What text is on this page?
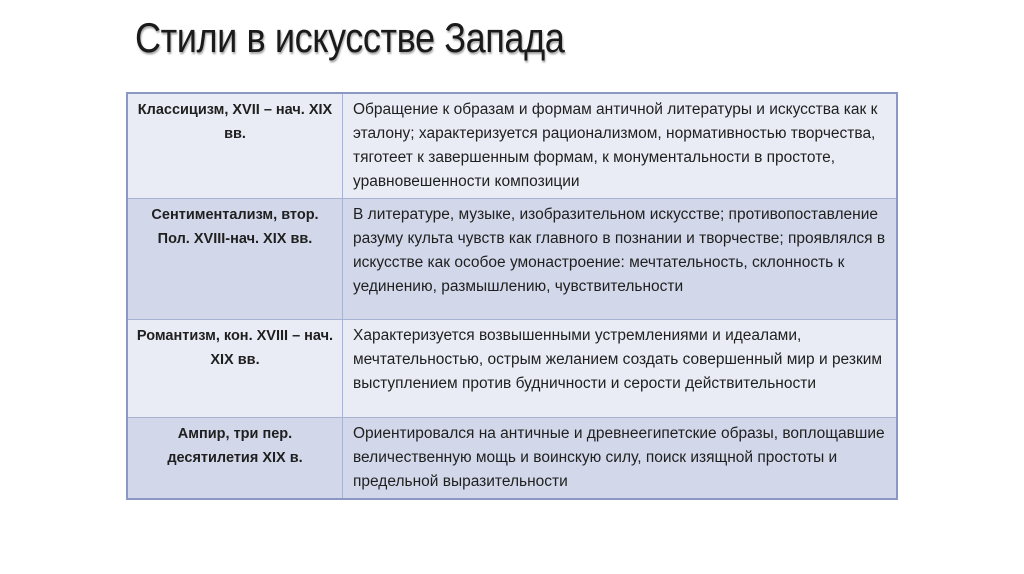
Стили в искусстве Запада
Классицизм, XVII – нач. XIX вв.	Обращение к образам и формам античной литературы и искусства как к эталону; характеризуется рационализмом, нормативностью творчества, тяготеет к завершенным формам, к монументальности в простоте, уравновешенности композиции
Сентиментализм, втор. Пол. XVIII-нач. XIX вв.	В литературе, музыке, изобразительном искусстве; противопоставление разуму культа чувств как главного в познании и творчестве; проявлялся в искусстве как особое умонастроение: мечтательность, склонность к уединению, размышлению, чувствительности
Романтизм, кон. XVIII – нач. XIX вв.	Характеризуется возвышенными устремлениями и идеалами, мечтательностью, острым желанием создать совершенный мир и резким выступлением против будничности и серости действительности
Ампир, три пер. десятилетия XIX в.	Ориентировался на античные и древнеегипетские образы, воплощавшие величественную мощь и воинскую силу, поиск изящной простоты и предельной выразительности
